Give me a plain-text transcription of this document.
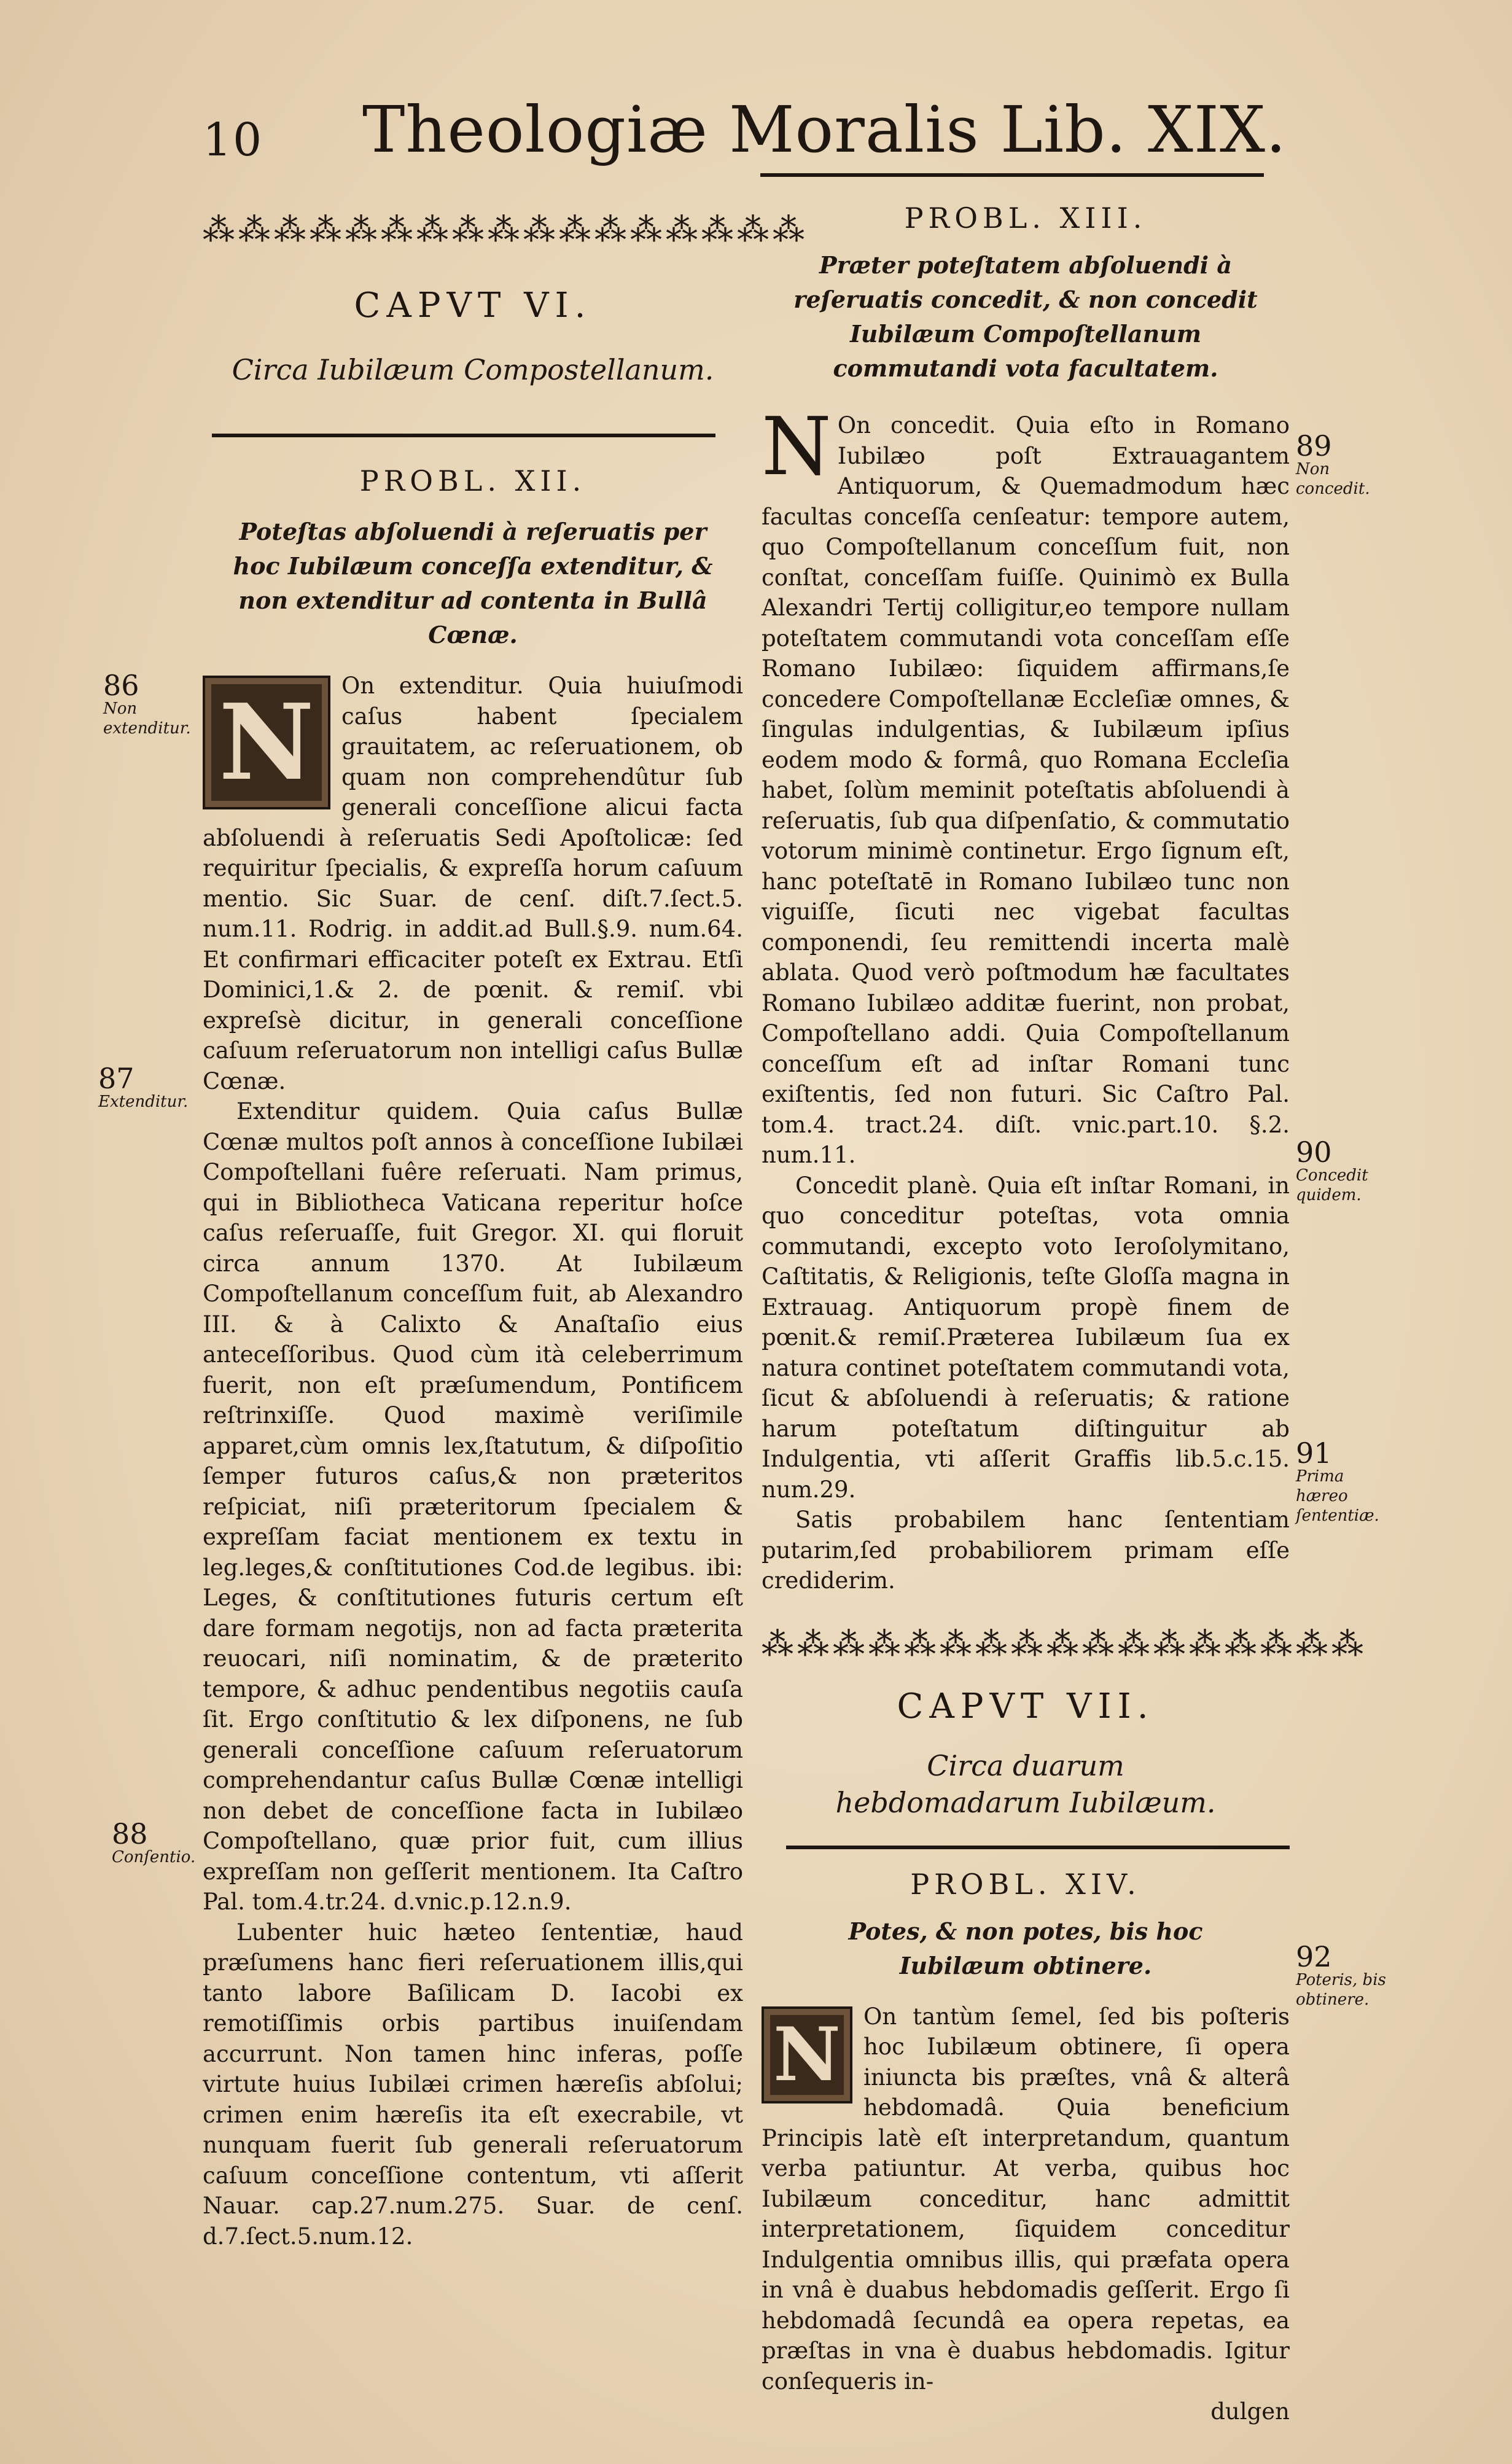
10 Theologiæ Moralis Lib. XIX.
⁂⁂⁂⁂⁂⁂⁂⁂⁂⁂⁂⁂⁂⁂⁂⁂⁂
CAPVT VI.
Circa Iubilæum Compostellanum.
PROBL. XII.
Poteſtas abſoluendi à reſeruatis per hoc Iubilæum conceſſa extenditur, & non extenditur ad contenta in Bullâ Cœnæ.
N	On extenditur. Quia huiuſmodi caſus habent ſpecialem grauitatem, ac reſeruationem, ob quam non comprehendûtur ſub generali conceſſione alicui facta abſoluendi à reſeruatis Sedi Apoſtolicæ: ſed requiritur ſpecialis, & expreſſa horum caſuum mentio. Sic Suar. de cenſ. diſt.7.ſect.5. num.11. Rodrig. in addit.ad Bull.§.9. num.64. Et confirmari efficaciter poteſt ex Extrau. Etſi Dominici,1.& 2. de pœnit. & remiſ. vbi expreſsè dicitur, in generali conceſſione caſuum reſeruatorum non intelligi caſus Bullæ Cœnæ.

Extenditur quidem. Quia caſus Bullæ Cœnæ multos poſt annos à conceſſione Iubilæi Compoſtellani fuêre reſeruati. Nam primus, qui in Bibliotheca Vaticana reperitur hoſce caſus reſeruaſſe, fuit Gregor. XI. qui floruit circa annum 1370. At Iubilæum Compoſtellanum conceſſum fuit, ab Alexandro III. & à Calixto & Anaſtaſio eius anteceſſoribus. Quod cùm ità celeberrimum fuerit, non eſt præſumendum, Pontificem reſtrinxiſſe. Quod maximè veriſimile apparet,cùm omnis lex,ſtatutum, & diſpoſitio ſemper futuros caſus,& non præteritos reſpiciat, niſi præteritorum ſpecialem & expreſſam faciat mentionem ex textu in leg.leges,& conſtitutiones Cod.de legibus. ibi: Leges, & conſtitutiones futuris certum eſt dare formam negotijs, non ad facta præterita reuocari, niſi nominatim, & de præterito tempore, & adhuc pendentibus negotiis cauſa ſit. Ergo conſtitutio & lex diſponens, ne ſub generali conceſſione caſuum reſeruatorum comprehendantur caſus Bullæ Cœnæ intelligi non debet de conceſſione facta in Iubilæo Compoſtellano, quæ prior fuit, cum illius expreſſam non geſſerit mentionem. Ita Caſtro Pal. tom.4.tr.24. d.vnic.p.12.n.9.

Lubenter huic hæteo ſententiæ, haud præſumens hanc fieri reſeruationem illis,qui tanto labore Baſilicam D. Iacobi ex remotiſſimis orbis partibus inuiſendam accurrunt. Non tamen hinc inferas, poſſe virtute huius Iubilæi crimen hæreſis abſolui; crimen enim hæreſis ita eſt execrabile, vt nunquam fuerit ſub generali reſeruatorum caſuum conceſſione contentum, vti aſſerit Nauar. cap.27.num.275. Suar. de cenſ. d.7.ſect.5.num.12.

86
Non extenditur.
87
Extenditur.
88
Conſentio.
PROBL. XIII.
Præter poteſtatem abſoluendi à reſeruatis concedit, & non concedit Iubilæum Compoſtellanum commutandi vota facultatem.
N On concedit. Quia eſto in Romano Iubilæo poſt Extrauagantem Antiquorum, & Quemadmodum hæc facultas conceſſa cenſeatur: tempore autem, quo Compoſtellanum conceſſum fuit, non conſtat, conceſſam fuiſſe. Quinimò ex Bulla Alexandri Tertij colligitur,eo tempore nullam poteſtatem commutandi vota conceſſam eſſe Romano Iubilæo: ſiquidem affirmans,ſe concedere Compoſtellanæ Eccleſiæ omnes, & ſingulas indulgentias, & Iubilæum ipſius eodem modo & formâ, quo Romana Eccleſia habet, ſolùm meminit poteſtatis abſoluendi à reſeruatis, ſub qua diſpenſatio, & commutatio votorum minimè continetur. Ergo ſignum eſt, hanc poteſtatē in Romano Iubilæo tunc non viguiſſe, ſicuti nec vigebat facultas componendi, ſeu remittendi incerta malè ablata. Quod verò poſtmodum hæ facultates Romano Iubilæo additæ fuerint, non probat, Compoſtellano addi. Quia Compoſtellanum conceſſum eſt ad inſtar Romani tunc exiſtentis, ſed non futuri. Sic Caſtro Pal. tom.4. tract.24. diſt. vnic.part.10. §.2. num.11.

Concedit planè. Quia eſt inſtar Romani, in quo conceditur poteſtas, vota omnia commutandi, excepto voto Ieroſolymitano, Caſtitatis, & Religionis, teſte Gloſſa magna in Extrauag. Antiquorum propè finem de pœnit.& remiſ.Præterea Iubilæum ſua ex natura continet poteſtatem commutandi vota, ſicut & abſoluendi à reſeruatis; & ratione harum poteſtatum diſtinguitur ab Indulgentia, vti aſſerit Graffis lib.5.c.15. num.29.

Satis probabilem hanc ſententiam putarim,ſed probabiliorem primam eſſe crediderim.

⁂⁂⁂⁂⁂⁂⁂⁂⁂⁂⁂⁂⁂⁂⁂⁂⁂
CAPVT VII.
Circa duarum hebdomadarum Iubilæum.
PROBL. XIV.
Potes, & non potes, bis hoc Iubilæum obtinere.
N	On tantùm ſemel, ſed bis poſteris hoc Iubilæum obtinere, ſi opera iniuncta bis præſtes, vnâ & alterâ hebdomadâ. Quia beneficium Principis latè eſt interpretandum, quantum verba patiuntur. At verba, quibus hoc Iubilæum conceditur, hanc admittit interpretationem, ſiquidem conceditur Indulgentia omnibus illis, qui præfata opera in vnâ è duabus hebdomadis geſſerit. Ergo ſi hebdomadâ ſecundâ ea opera repetas, ea præſtas in vna è duabus hebdomadis. Igitur conſequeris in-

dulgen

89
Non concedit.
90
Concedit quidem.
91
Prima hæreo ſententiæ.
92
Poteris, bis obtinere.
